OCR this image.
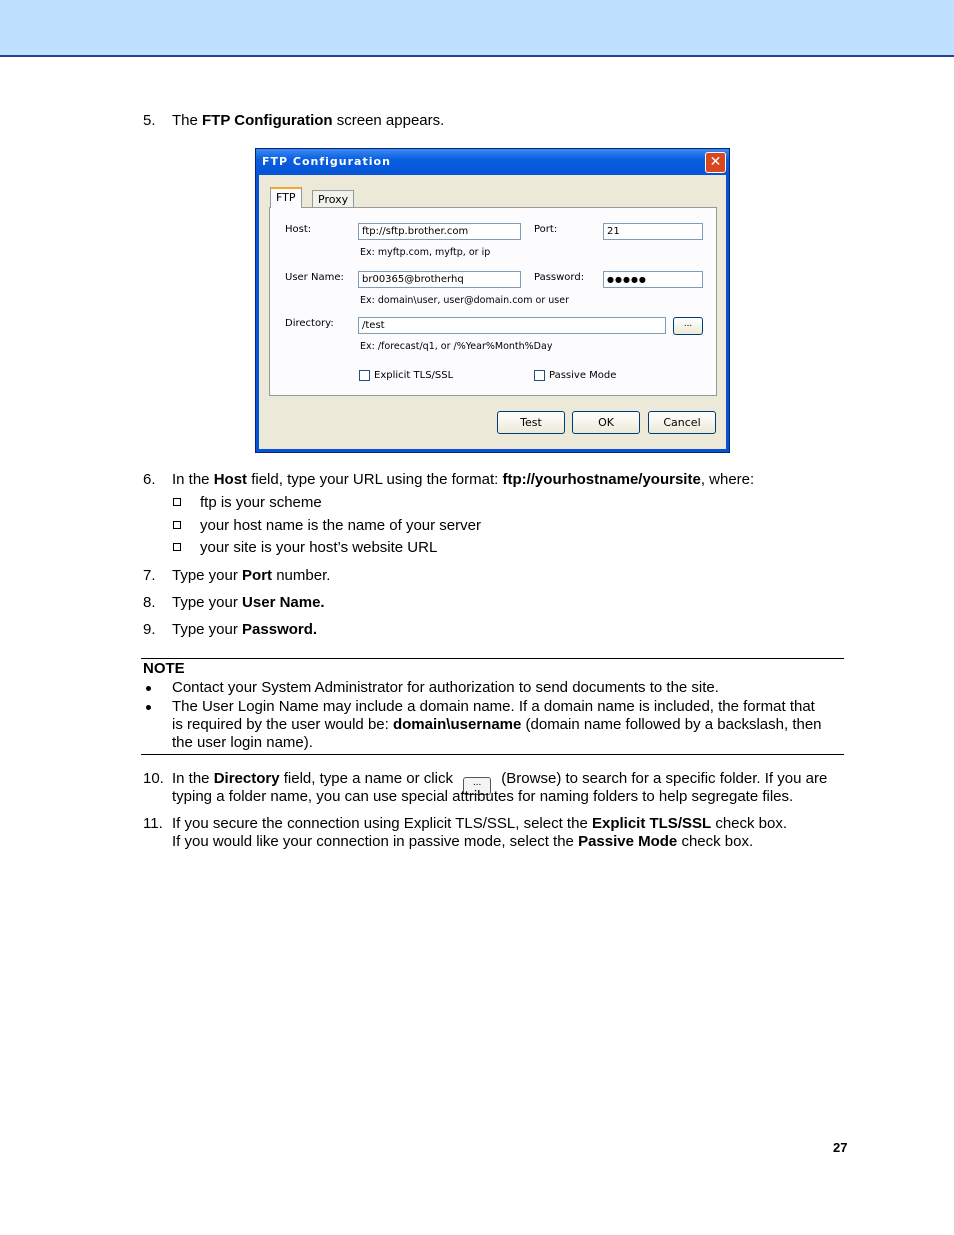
5. The FTP Configuration screen appears.
FTP Configuration	✕
FTP	Proxy
Host:	ftp://sftp.brother.com
Ex: myftp.com, myftp, or ip
Port:	21
User Name:	br00365@brotherhq
Ex: domain\user, user@domain.com or user
Password:	●●●●●
Directory:	/test	...
Ex: /forecast/q1, or /%Year%Month%Day
Explicit TLS/SSL	Passive Mode
Test	OK	Cancel
6. In the Host field, type your URL using the format: ftp://yourhostname/yoursite, where:
ftp is your scheme
your host name is the name of your server
your site is your host’s website URL
7. Type your Port number.
8. Type your User Name.
9. Type your Password.
NOTE
Contact your System Administrator for authorization to send documents to the site.
The User Login Name may include a domain name. If a domain name is included, the format that
is required by the user would be: domain\username (domain name followed by a backslash, then
the user login name).
10. In the Directory field, type a name or click ... (Browse) to search for a specific folder. If you are
typing a folder name, you can use special attributes for naming folders to help segregate files.
11. If you secure the connection using Explicit TLS/SSL, select the Explicit TLS/SSL check box.
If you would like your connection in passive mode, select the Passive Mode check box.
27
